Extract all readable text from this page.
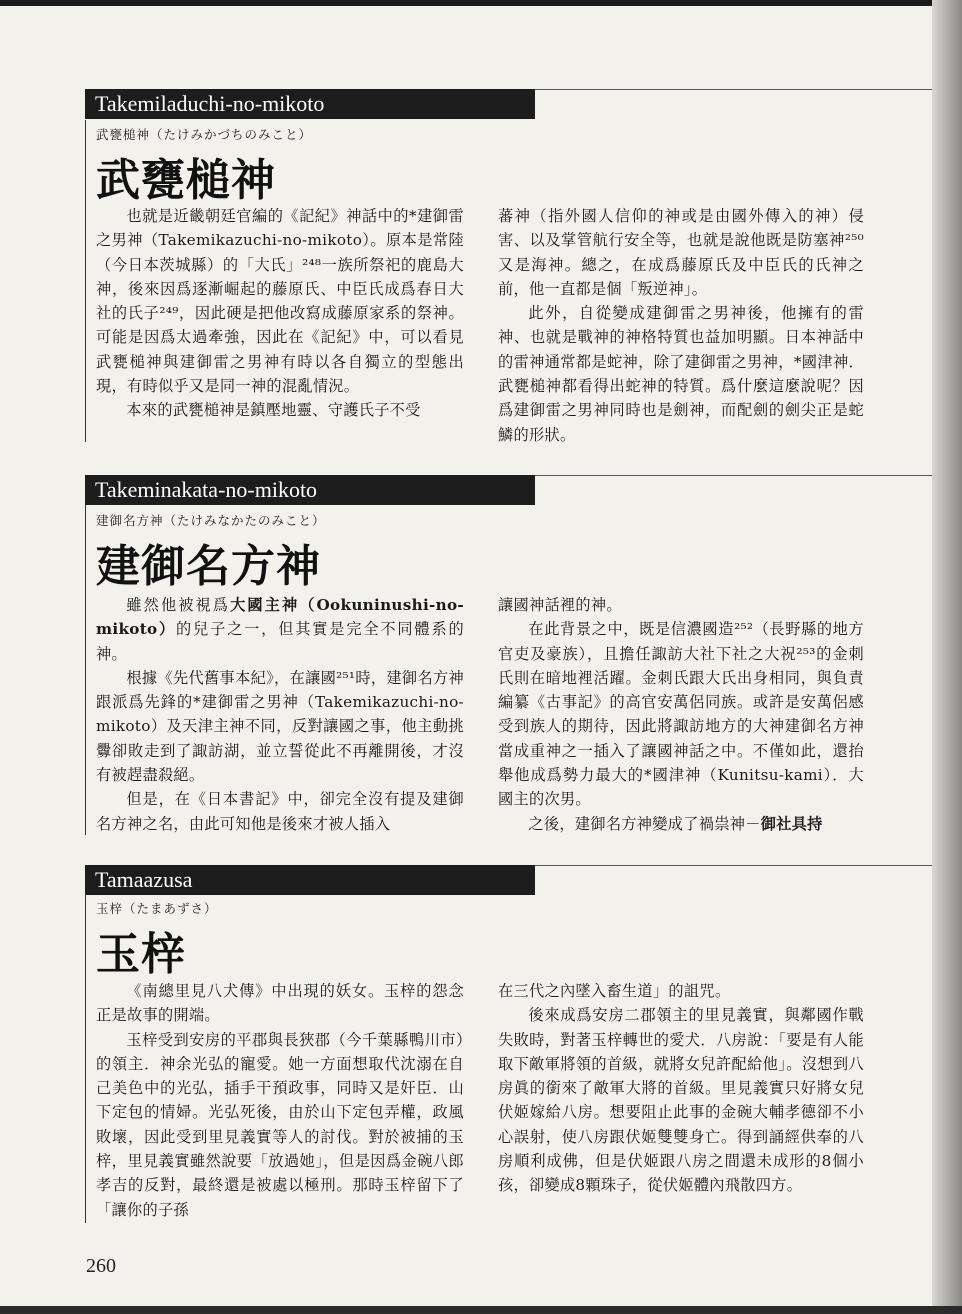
Takemiladuchi-no-mikoto
武甕槌神（たけみかづちのみこと）
武甕槌神

也就是近畿朝廷官編的《記紀》神話中的*建御雷之男神（Takemikazuchi-no-mikoto）。原本是常陸（今日本茨城縣）的「大氏」²⁴⁸一族所祭祀的鹿島大神，後來因爲逐漸崛起的藤原氏、中臣氏成爲春日大社的氏子²⁴⁹，因此硬是把他改寫成藤原家系的祭神。可能是因爲太過牽強，因此在《記紀》中，可以看見武甕槌神與建御雷之男神有時以各自獨立的型態出現，有時似乎又是同一神的混亂情況。

本來的武甕槌神是鎮壓地靈、守護氏子不受

蕃神（指外國人信仰的神或是由國外傳入的神）侵害、以及掌管航行安全等，也就是說他既是防塞神²⁵⁰又是海神。總之，在成爲藤原氏及中臣氏的氏神之前，他一直都是個「叛逆神」。

此外，自從變成建御雷之男神後，他擁有的雷神、也就是戰神的神格特質也益加明顯。日本神話中的雷神通常都是蛇神，除了建御雷之男神，*國津神．武甕槌神都看得出蛇神的特質。爲什麼這麼說呢？因爲建御雷之男神同時也是劍神，而配劍的劍尖正是蛇鱗的形狀。

Takeminakata-no-mikoto
建御名方神（たけみなかたのみこと）
建御名方神

雖然他被視爲大國主神（Ookuninushi-no-mikoto）的兒子之一，但其實是完全不同體系的神。

根據《先代舊事本紀》，在讓國²⁵¹時，建御名方神跟派爲先鋒的*建御雷之男神（Takemikazuchi-no-mikoto）及天津主神不同，反對讓國之事，他主動挑釁卻敗走到了諏訪湖，並立誓從此不再離開後，才沒有被趕盡殺絕。

但是，在《日本書記》中，卻完全沒有提及建御名方神之名，由此可知他是後來才被人插入

讓國神話裡的神。

在此背景之中，既是信濃國造²⁵²（長野縣的地方官吏及豪族），且擔任諏訪大社下社之大祝²⁵³的金刺氏則在暗地裡活躍。金刺氏跟大氏出身相同，與負責編纂《古事記》的高官安萬侶同族。或許是安萬侶感受到族人的期待，因此將諏訪地方的大神建御名方神當成重神之一插入了讓國神話之中。不僅如此，還抬舉他成爲勢力最大的*國津神（Kunitsu-kami）．大國主的次男。

之後，建御名方神變成了禍祟神－御社具持

Tamaazusa
玉梓（たまあずさ）
玉梓

《南總里見八犬傳》中出現的妖女。玉梓的怨念正是故事的開端。

玉梓受到安房的平郡與長狹郡（今千葉縣鴨川市）的領主．神余光弘的寵愛。她一方面想取代沈溺在自己美色中的光弘，插手干預政事，同時又是奸臣．山下定包的情婦。光弘死後，由於山下定包弄權，政風敗壞，因此受到里見義實等人的討伐。對於被捕的玉梓，里見義實雖然說要「放過她」，但是因爲金碗八郎孝吉的反對，最終還是被處以極刑。那時玉梓留下了「讓你的子孫

在三代之內墜入畜生道」的詛咒。

後來成爲安房二郡領主的里見義實，與鄰國作戰失敗時，對著玉梓轉世的愛犬．八房說：「要是有人能取下敵軍將領的首級，就將女兒許配給他」。沒想到八房眞的銜來了敵軍大將的首級。里見義實只好將女兒伏姬嫁給八房。想要阻止此事的金碗大輔孝德卻不小心誤射，使八房跟伏姬雙雙身亡。得到誦經供奉的八房順利成佛，但是伏姬跟八房之間還未成形的8個小孩，卻變成8顆珠子，從伏姬體內飛散四方。

260
